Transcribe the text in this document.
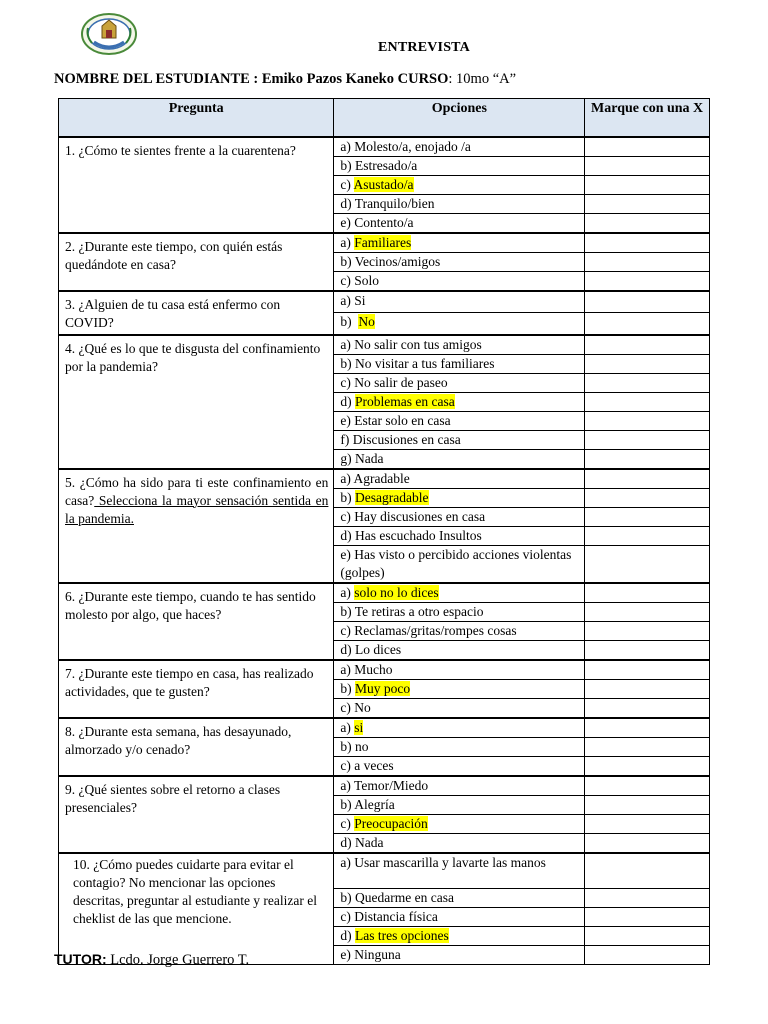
ENTREVISTA
NOMBRE DEL ESTUDIANTE : Emiko Pazos Kaneko CURSO: 10mo “A”
Pregunta	Opciones	Marque con una X
1. ¿Cómo te sientes frente a la cuarentena?	a) Molesto/a, enojado /a	
	b) Estresado/a	
	c) Asustado/a	
	d) Tranquilo/bien	
	e) Contento/a	
2. ¿Durante este tiempo, con quién estás quedándote en casa?	a) Familiares	
	b) Vecinos/amigos	
	c) Solo	
3. ¿Alguien de tu casa está enfermo con COVID?	a) Si	
	b)  No	
4. ¿Qué es lo que te disgusta del confinamiento por la pandemia?	a) No salir con tus amigos	
	b) No visitar a tus familiares	
	c) No salir de paseo	
	d) Problemas en casa	
	e) Estar solo en casa	
	f) Discusiones en casa	
	g) Nada	
5. ¿Cómo ha sido para ti este confinamiento en casa? Selecciona la mayor sensación sentida en la pandemia.	a) Agradable	
	b) Desagradable	
	c) Hay discusiones en casa	
	d) Has escuchado Insultos	
	e) Has visto o percibido acciones violentas (golpes)	
6. ¿Durante este tiempo, cuando te has sentido molesto por algo, que haces?	a) solo no lo dices	
	b) Te retiras a otro espacio	
	c) Reclamas/gritas/rompes cosas	
	d) Lo dices	
7. ¿Durante este tiempo en casa, has realizado actividades, que te gusten?	a) Mucho	
	b) Muy poco	
	c) No	
8. ¿Durante esta semana, has desayunado, almorzado y/o cenado?	a) si	
	b) no	
	c) a veces	
9. ¿Qué sientes sobre el retorno a clases presenciales?	a) Temor/Miedo	
	b) Alegría	
	c) Preocupación	
	d) Nada	
10. ¿Cómo puedes cuidarte para evitar el contagio? No mencionar las opciones descritas, preguntar al estudiante y realizar el cheklist de las que mencione.	a) Usar mascarilla y lavarte las manos	
	b) Quedarme en casa	
	c) Distancia física	
	d) Las tres opciones	
	e) Ninguna	
TUTOR: Lcdo. Jorge Guerrero T.
